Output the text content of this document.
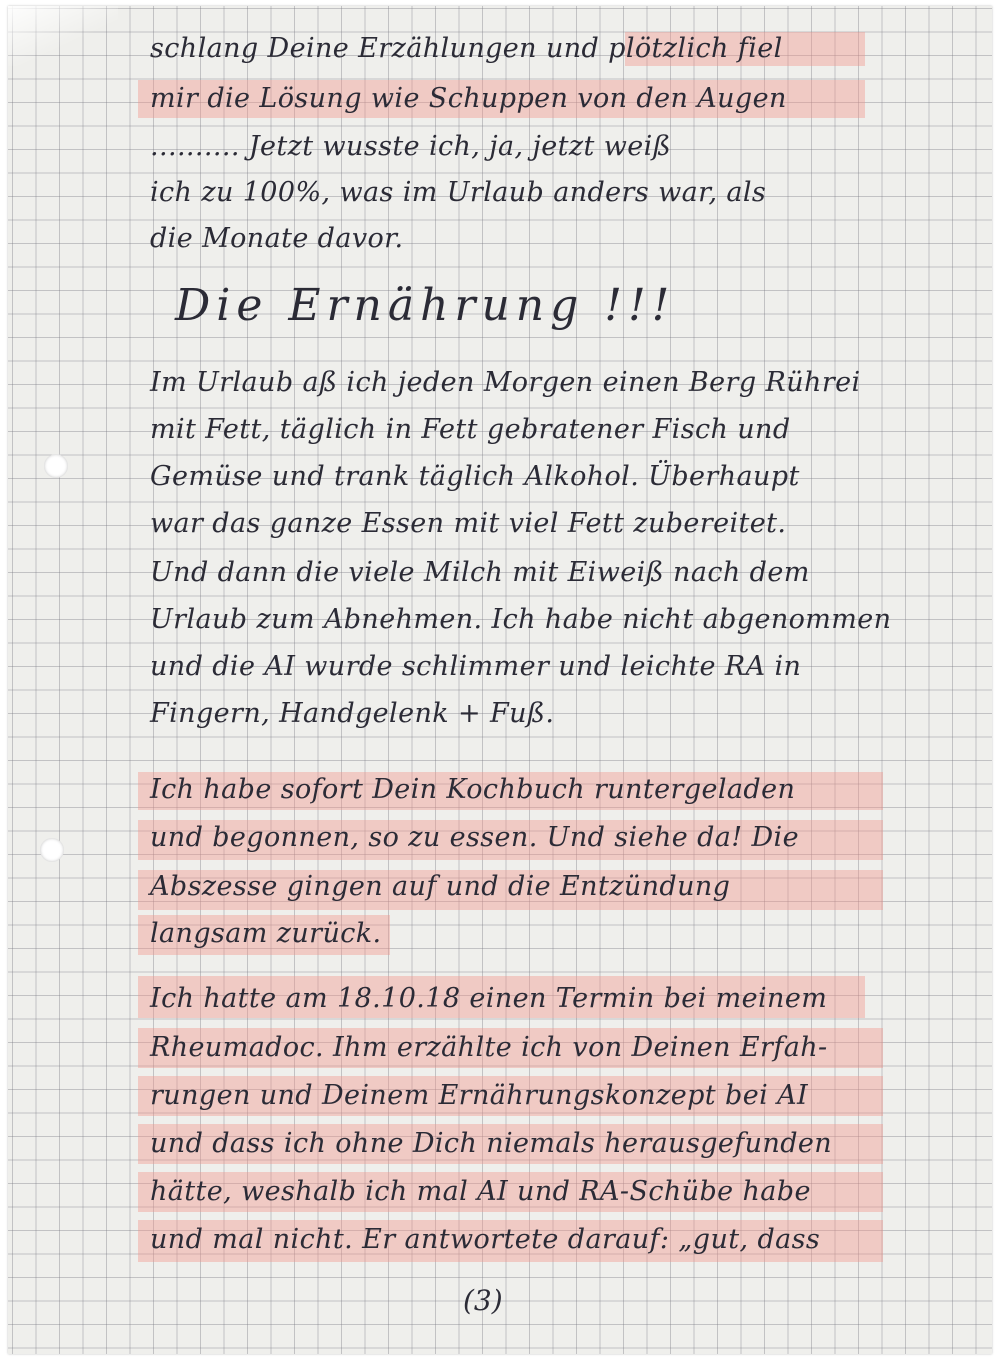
schlang Deine Erzählungen und plötzlich fiel
mir die Lösung wie Schuppen von den Augen
.......... Jetzt wusste ich, ja, jetzt weiß
ich zu 100%, was im Urlaub anders war, als
die Monate davor.
Die Ernährung !!!
Im Urlaub aß ich jeden Morgen einen Berg Rührei
mit Fett, täglich in Fett gebratener Fisch und
Gemüse und trank täglich Alkohol. Überhaupt
war das ganze Essen mit viel Fett zubereitet.
Und dann die viele Milch mit Eiweiß nach dem
Urlaub zum Abnehmen. Ich habe nicht abgenommen
und die AI wurde schlimmer und leichte RA in
Fingern, Handgelenk + Fuß.
Ich habe sofort Dein Kochbuch runtergeladen
und begonnen, so zu essen. Und siehe da! Die
Abszesse gingen auf und die Entzündung
langsam zurück.
Ich hatte am 18.10.18 einen Termin bei meinem
Rheumadoc. Ihm erzählte ich von Deinen Erfah-
rungen und Deinem Ernährungskonzept bei AI
und dass ich ohne Dich niemals herausgefunden
hätte, weshalb ich mal AI und RA-Schübe habe
und mal nicht. Er antwortete darauf: „gut, dass
(3)
